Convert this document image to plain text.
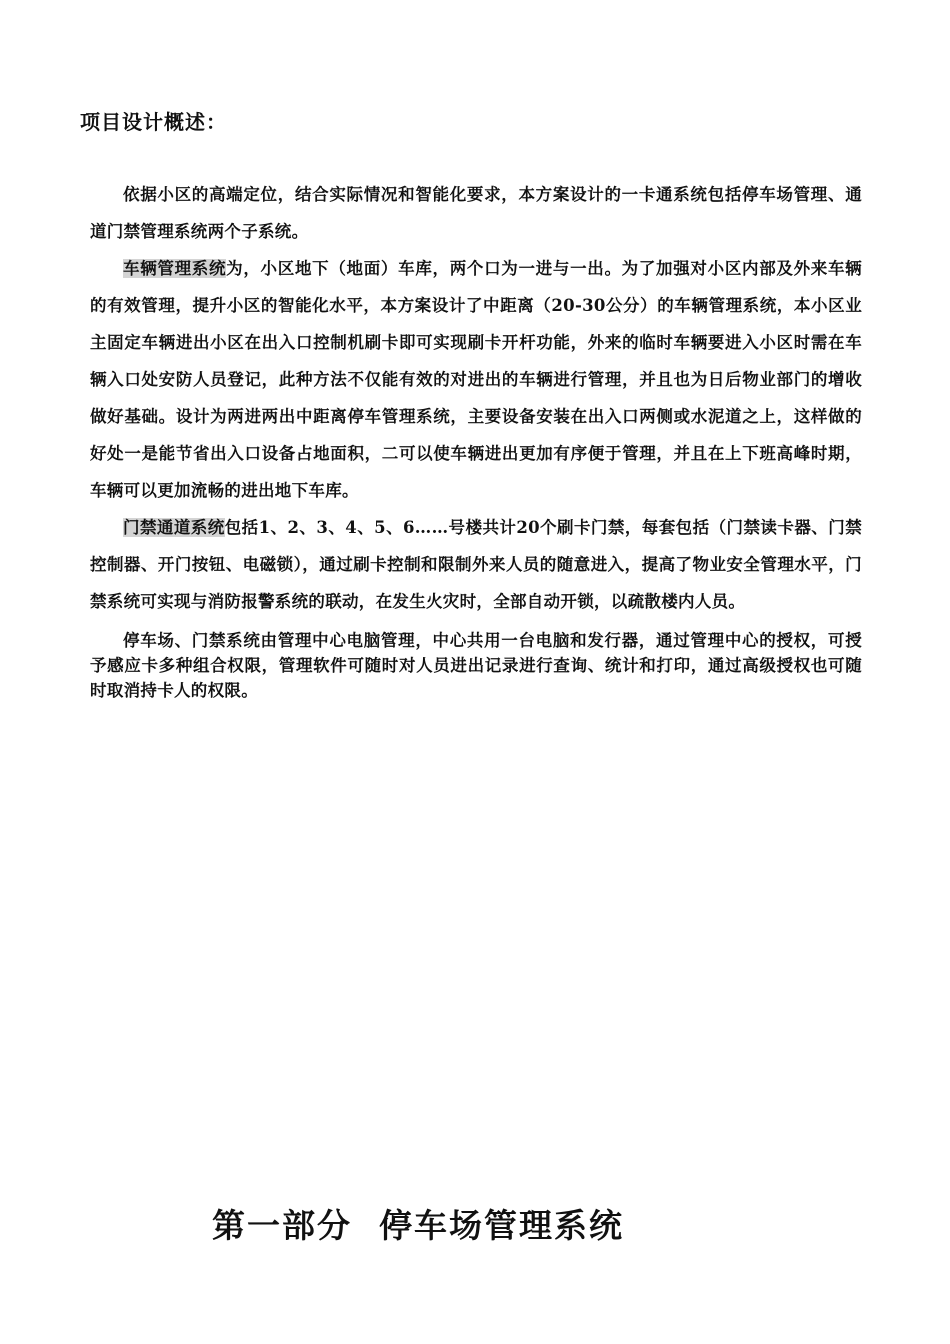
项目设计概述：

依据小区的高端定位，结合实际情况和智能化要求，本方案设计的一卡通系统包括停车场管理、通道门禁管理系统两个子系统。

车辆管理系统为，小区地下（地面）车库，两个口为一进与一出。为了加强对小区内部及外来车辆的有效管理，提升小区的智能化水平，本方案设计了中距离（20-30公分）的车辆管理系统，本小区业主固定车辆进出小区在出入口控制机刷卡即可实现刷卡开杆功能，外来的临时车辆要进入小区时需在车辆入口处安防人员登记，此种方法不仅能有效的对进出的车辆进行管理，并且也为日后物业部门的增收做好基础。设计为两进两出中距离停车管理系统，主要设备安装在出入口两侧或水泥道之上，这样做的好处一是能节省出入口设备占地面积，二可以使车辆进出更加有序便于管理，并且在上下班高峰时期，车辆可以更加流畅的进出地下车库。

门禁通道系统包括1、2、3、4、5、6……号楼共计20个刷卡门禁，每套包括（门禁读卡器、门禁控制器、开门按钮、电磁锁），通过刷卡控制和限制外来人员的随意进入，提高了物业安全管理水平，门禁系统可实现与消防报警系统的联动，在发生火灾时，全部自动开锁，以疏散楼内人员。

停车场、门禁系统由管理中心电脑管理，中心共用一台电脑和发行器，通过管理中心的授权，可授予感应卡多种组合权限，管理软件可随时对人员进出记录进行查询、统计和打印，通过高级授权也可随时取消持卡人的权限。

第一部分  停车场管理系统
